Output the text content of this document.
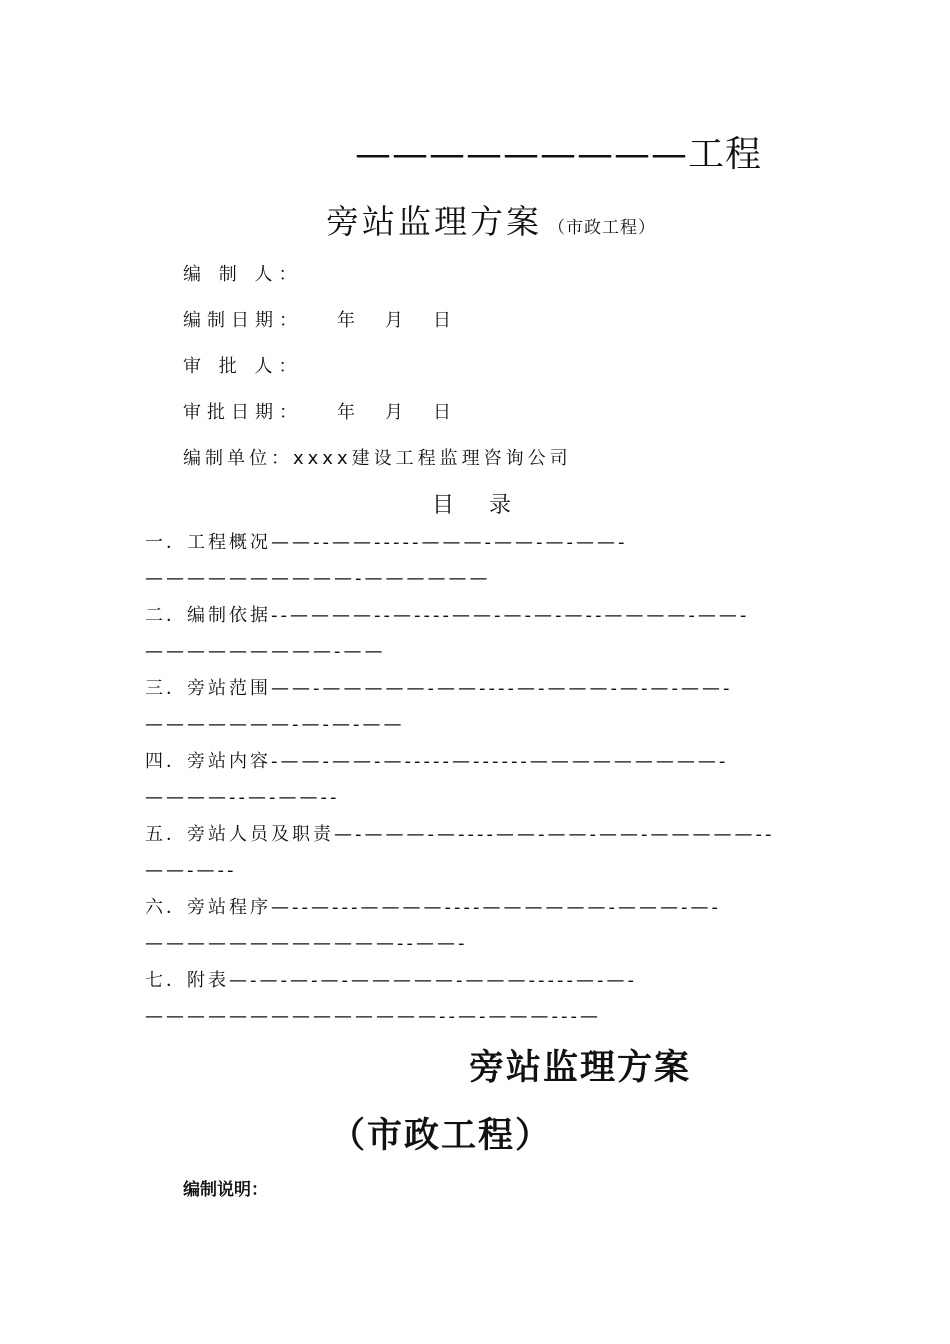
—————————工程
旁站监理方案 （市政工程）
编 制 人：
编制日期： 年 月 日
审 批 人：
审批日期： 年 月 日
编制单位：xxxx建设工程监理咨询公司
目 录
一．工程概况——--——-----———-——-—-——-——————————-——————
二．编制依据--————--—----——-—-—-—--————-——-—————————-——
三．旁站范围——-—————-——----—-———-—-—-——-———————-—-—-——
四．旁站内容-——-——-—-----—------—————————-————--—-——--
五．旁站人员及职责—-———-—----——-——-——-—————--——-—--
六．旁站程序—--—---————----——————-———-—-————————————--——-
七．附表—-—-—-—-—————-———-----—-—-——————————————--—-———---—
旁站监理方案
（市政工程）
编制说明：
